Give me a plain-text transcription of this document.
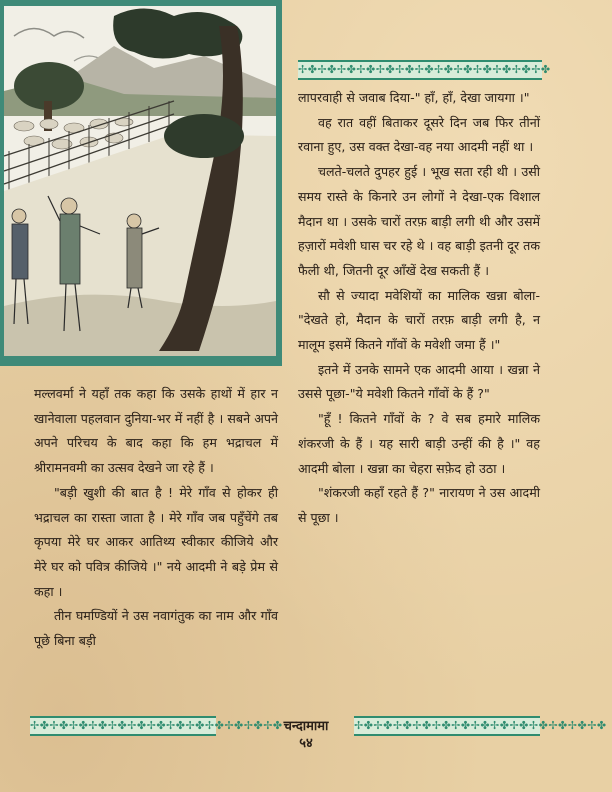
✢✤✢✤✢✤✢✤✢✤✢✤✢✤✢✤✢✤✢✤✢✤✢✤✢✤

लापरवाही से जवाब दिया-" हाँ, हाँ, देखा जायगा ।"

वह रात वहीं बिताकर दूसरे दिन जब फिर तीनों रवाना हुए, उस वक्त देखा-वह नया आदमी नहीं था ।

चलते-चलते दुपहर हुई । भूख सता रही थी । उसी समय रास्ते के किनारे उन लोगों ने देखा-एक विशाल मैदान था । उसके चारों तरफ़ बाड़ी लगी थी और उसमें हज़ारों मवेशी घास चर रहे थे । वह बाड़ी इतनी दूर तक फैली थी, जितनी दूर आँखें देख सकती हैं ।

सौ से ज्यादा मवेशियों का मालिक खन्ना बोला-"देखते हो, मैदान के चारों तरफ़ बाड़ी लगी है, न मालूम इसमें कितने गाँवों के मवेशी जमा हैं ।"

इतने में उनके सामने एक आदमी आया । खन्ना ने उससे पूछा-"ये मवेशी कितने गाँवों के हैं ?"

"हूँ ! कितने गाँवों के ? वे सब हमारे मालिक शंकरजी के हैं । यह सारी बाड़ी उन्हीं की है ।" वह आदमी बोला । खन्ना का चेहरा सफ़ेद हो उठा ।

"शंकरजी कहाँ रहते हैं ?" नारायण ने उस आदमी से पूछा ।

मल्लवर्मा ने यहाँ तक कहा कि उसके हाथों में हार न खानेवाला पहलवान दुनिया-भर में नहीं है । सबने अपने अपने परिचय के बाद कहा कि हम भद्राचल में श्रीरामनवमी का उत्सव देखने जा रहे हैं ।

"बड़ी खुशी की बात है ! मेरे गाँव से होकर ही भद्राचल का रास्ता जाता है । मेरे गाँव जब पहुँचेंगे तब कृपया मेरे घर आकर आतिथ्य स्वीकार कीजिये और मेरे घर को पवित्र कीजिये ।" नये आदमी ने बड़े प्रेम से कहा ।

तीन घमण्डियों ने उस नवागंतुक का नाम और गाँव पूछे बिना बड़ी

✢✤✢✤✢✤✢✤✢✤✢✤✢✤✢✤✢✤✢✤✢✤✢✤✢✤	✢✤✢✤✢✤✢✤✢✤✢✤✢✤✢✤✢✤✢✤✢✤✢✤✢✤
चन्दामामा
५४
